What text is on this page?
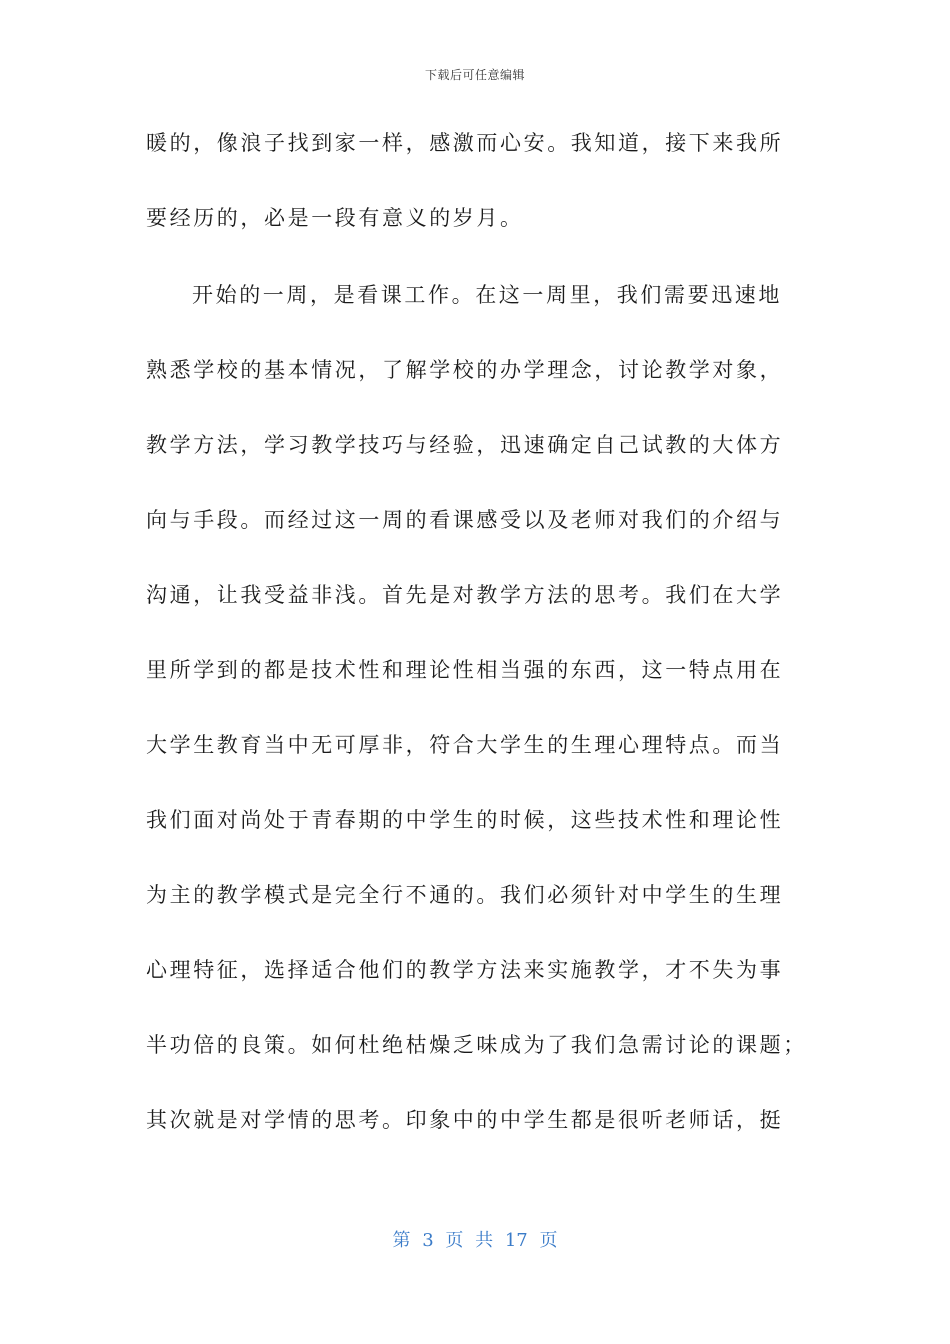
下载后可任意编辑
暖的，像浪子找到家一样，感激而心安。我知道，接下来我所
要经历的，必是一段有意义的岁月。
开始的一周，是看课工作。在这一周里，我们需要迅速地
熟悉学校的基本情况，了解学校的办学理念，讨论教学对象，
教学方法，学习教学技巧与经验，迅速确定自己试教的大体方
向与手段。而经过这一周的看课感受以及老师对我们的介绍与
沟通，让我受益非浅。首先是对教学方法的思考。我们在大学
里所学到的都是技术性和理论性相当强的东西，这一特点用在
大学生教育当中无可厚非，符合大学生的生理心理特点。而当
我们面对尚处于青春期的中学生的时候，这些技术性和理论性
为主的教学模式是完全行不通的。我们必须针对中学生的生理
心理特征，选择适合他们的教学方法来实施教学，才不失为事
半功倍的良策。如何杜绝枯燥乏味成为了我们急需讨论的课题；
其次就是对学情的思考。印象中的中学生都是很听老师话，挺
第 3 页 共 17 页
